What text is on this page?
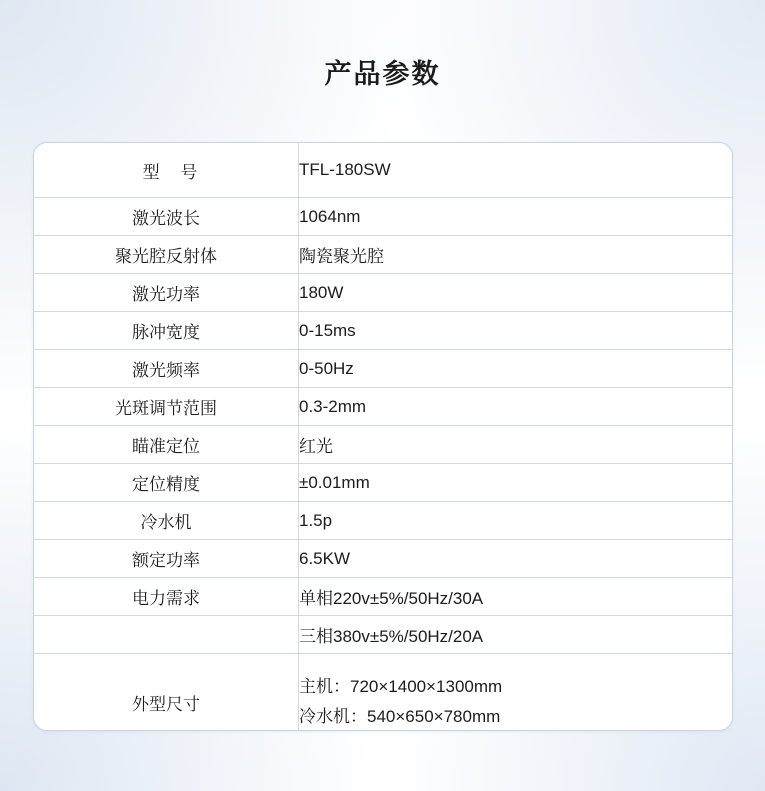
产品参数
型 号	TFL-180SW
激光波长	1064nm
聚光腔反射体	陶瓷聚光腔
激光功率	180W
脉冲宽度	0-15ms
激光频率	0-50Hz
光斑调节范围	0.3-2mm
瞄准定位	红光
定位精度	±0.01mm
冷水机	1.5p
额定功率	6.5KW
电力需求	单相220v±5%/50Hz/30A
	三相380v±5%/50Hz/20A
外型尺寸	主机：720×1400×1300mm
冷水机：540×650×780mm
